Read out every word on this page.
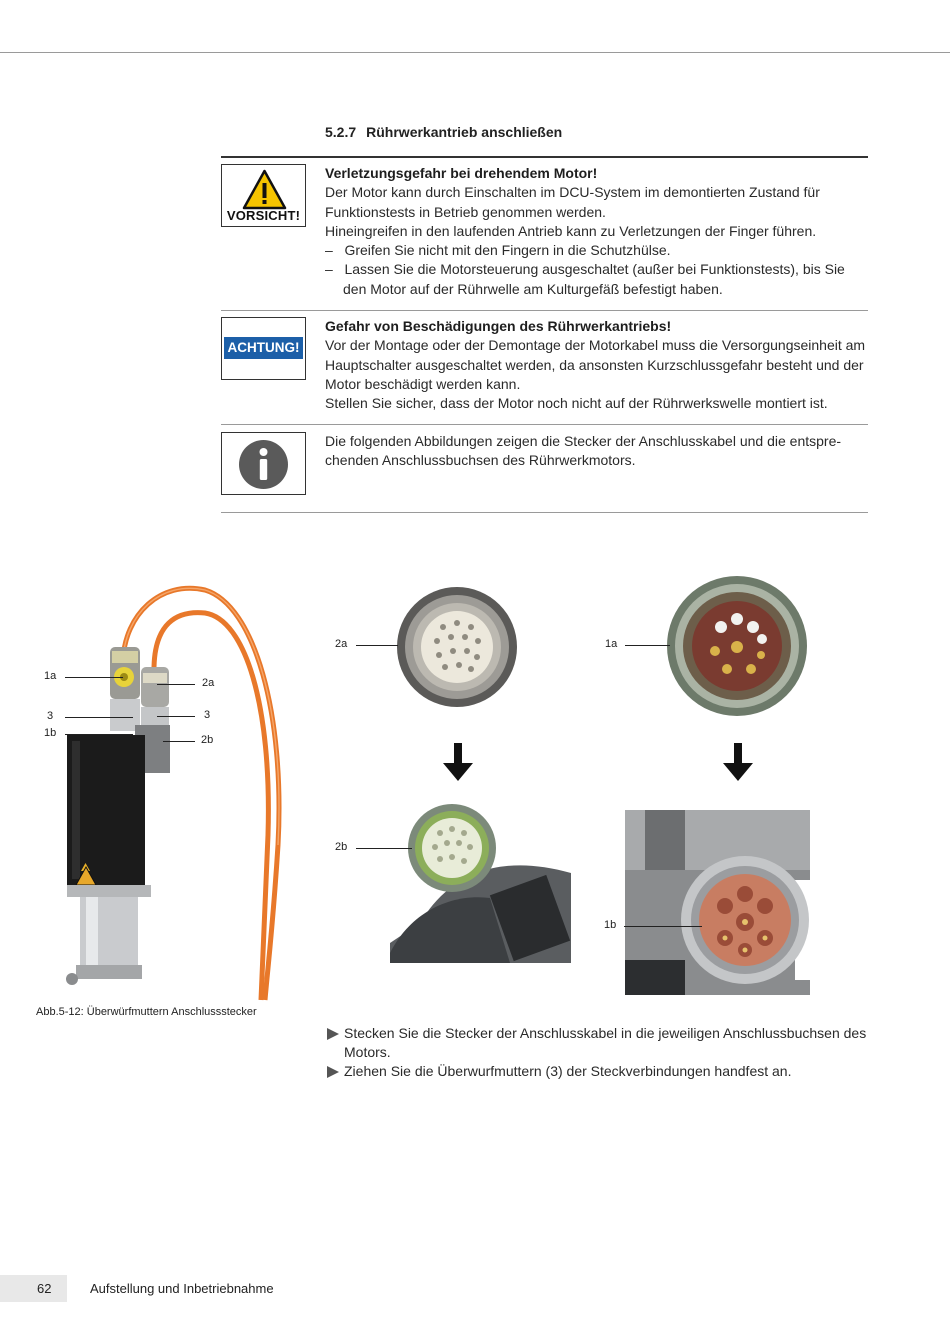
5.2.7 Rührwerkantrieb anschließen
VORSICHT!
Verletzungsgefahr bei drehendem Motor!
Der Motor kann durch Einschalten im DCU-System im demontierten Zustand für Funktionstests in Betrieb genommen werden.
Hineingreifen in den laufenden Antrieb kann zu Verletzungen der Finger führen.
– Greifen Sie nicht mit den Fingern in die Schutzhülse.
– Lassen Sie die Motorsteuerung ausgeschaltet (außer bei Funktionstests), bis Sie den Motor auf der Rührwelle am Kulturgefäß befestigt haben.
ACHTUNG!
Gefahr von Beschädigungen des Rührwerkantriebs!
Vor der Montage oder der Demontage der Motorkabel muss die Versorgungseinheit am Hauptschalter ausgeschaltet werden, da ansonsten Kurzschlussgefahr besteht und der Motor beschädigt werden kann.
Stellen Sie sicher, dass der Motor noch nicht auf der Rührwerkswelle montiert ist.
Die folgenden Abbildungen zeigen die Stecker der Anschlusskabel und die entspre-
chenden Anschlussbuchsen des Rührwerkmotors.
1a
2a
3	3
1b
2b
Abb.5-12: Überwürfmuttern Anschlussstecker
2a	1a
2b
1b
Stecken Sie die Stecker der Anschlusskabel in die jeweiligen Anschlussbuchsen des
Motors.
Ziehen Sie die Überwurfmuttern (3) der Steckverbindungen handfest an.
62	Aufstellung und Inbetriebnahme
